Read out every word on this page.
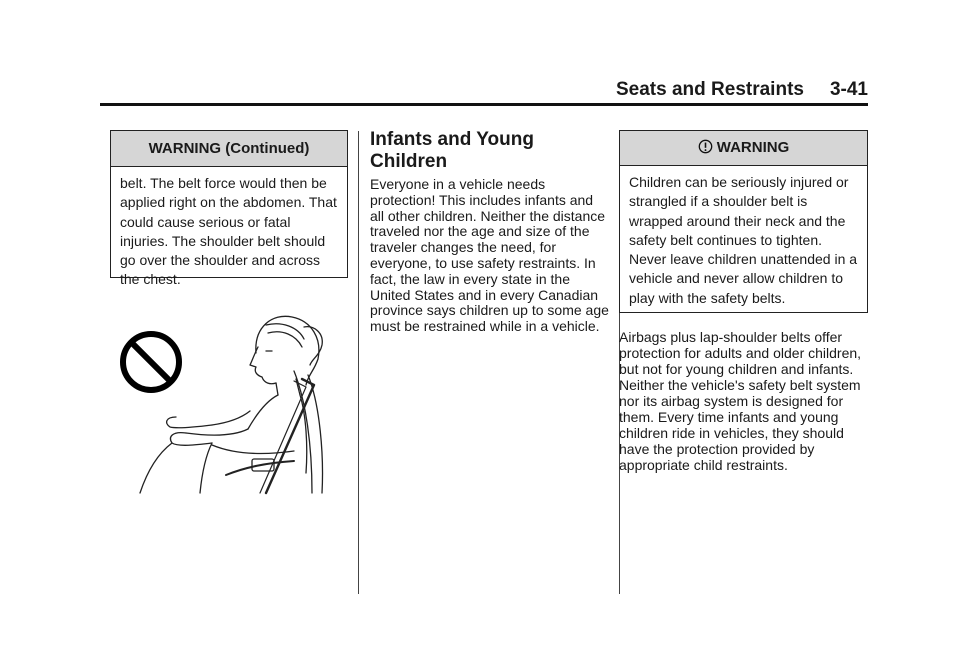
Seats and Restraints 3-41
WARNING (Continued)
belt. The belt force would then be applied right on the abdomen. That could cause serious or fatal injuries. The shoulder belt should go over the shoulder and across the chest.
Infants and Young Children
Everyone in a vehicle needs protection! This includes infants and all other children. Neither the distance traveled nor the age and size of the traveler changes the need, for everyone, to use safety restraints. In fact, the law in every state in the United States and in every Canadian province says children up to some age must be restrained while in a vehicle.
WARNING
Children can be seriously injured or strangled if a shoulder belt is wrapped around their neck and the safety belt continues to tighten. Never leave children unattended in a vehicle and never allow children to play with the safety belts.
Airbags plus lap-shoulder belts offer protection for adults and older children, but not for young children and infants. Neither the vehicle's safety belt system nor its airbag system is designed for them. Every time infants and young children ride in vehicles, they should have the protection provided by appropriate child restraints.
